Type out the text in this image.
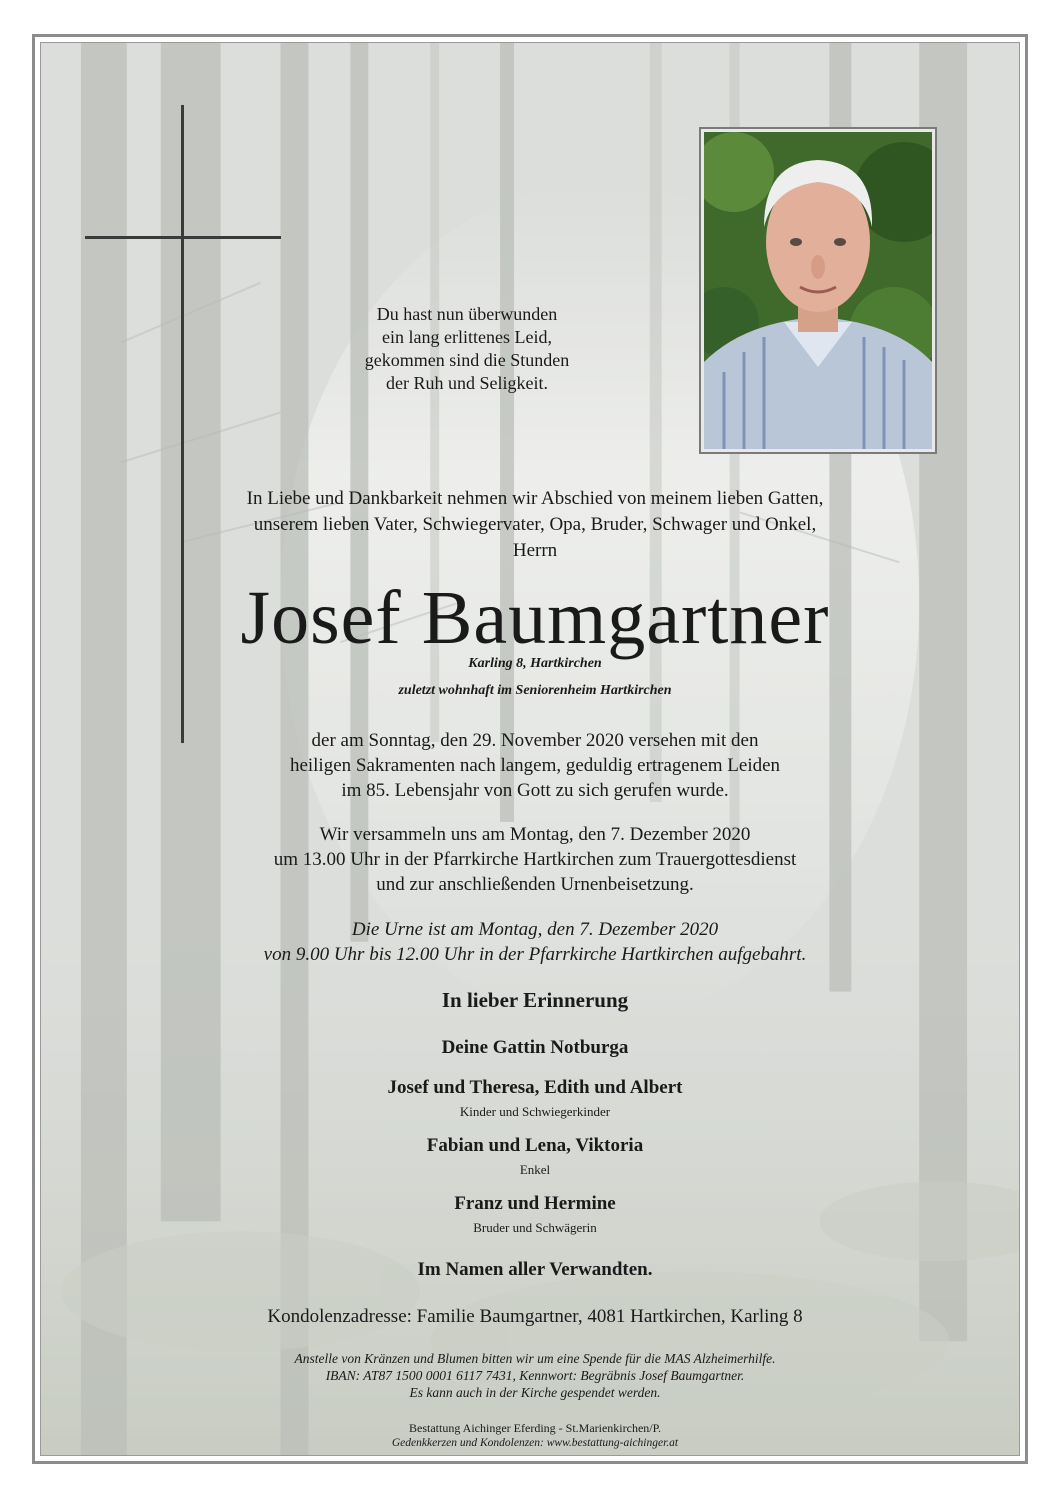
Du hast nun überwunden
ein lang erlittenes Leid,
gekommen sind die Stunden
der Ruh und Seligkeit.
In Liebe und Dankbarkeit nehmen wir Abschied von meinem lieben Gatten,
unserem lieben Vater, Schwiegervater, Opa, Bruder, Schwager und Onkel,
Herrn
Josef Baumgartner
Karling 8, Hartkirchen
zuletzt wohnhaft im Seniorenheim Hartkirchen
der am Sonntag, den 29. November 2020 versehen mit den
heiligen Sakramenten nach langem, geduldig ertragenem Leiden
im 85. Lebensjahr von Gott zu sich gerufen wurde.
Wir versammeln uns am Montag, den 7. Dezember 2020
um 13.00 Uhr in der Pfarrkirche Hartkirchen zum Trauergottesdienst
und zur anschließenden Urnenbeisetzung.
Die Urne ist am Montag, den 7. Dezember 2020
von 9.00 Uhr bis 12.00 Uhr in der Pfarrkirche Hartkirchen aufgebahrt.
In lieber Erinnerung
Deine Gattin Notburga
Josef und Theresa, Edith und Albert
Kinder und Schwiegerkinder
Fabian und Lena, Viktoria
Enkel
Franz und Hermine
Bruder und Schwägerin
Im Namen aller Verwandten.
Kondolenzadresse: Familie Baumgartner, 4081 Hartkirchen, Karling 8
Anstelle von Kränzen und Blumen bitten wir um eine Spende für die MAS Alzheimerhilfe.
IBAN: AT87 1500 0001 6117 7431, Kennwort: Begräbnis Josef Baumgartner.
Es kann auch in der Kirche gespendet werden.
Bestattung Aichinger Eferding - St.Marienkirchen/P.
Gedenkkerzen und Kondolenzen: www.bestattung-aichinger.at
